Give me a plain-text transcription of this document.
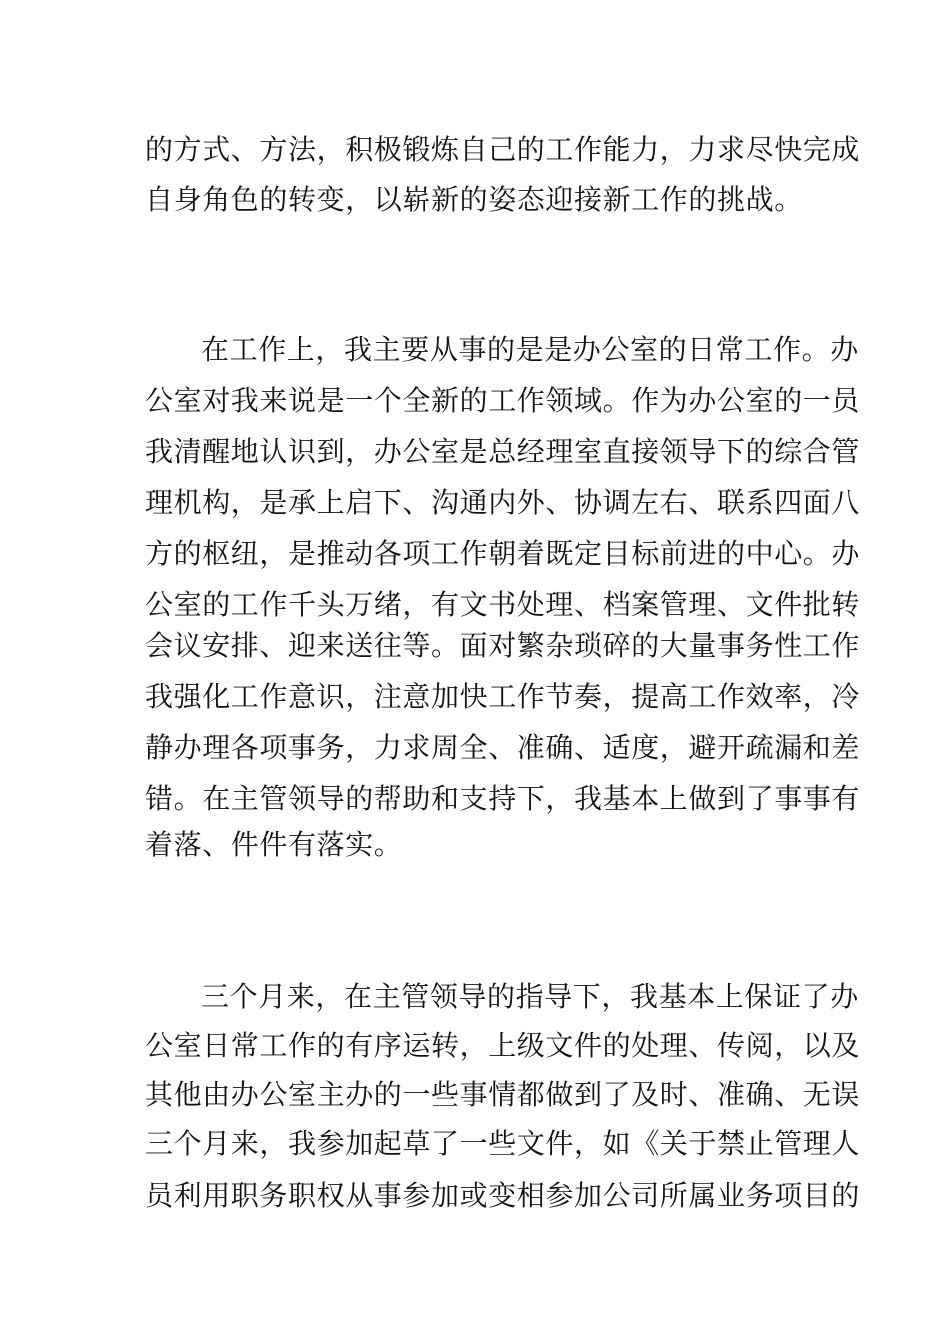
的方式、方法，积极锻炼自己的工作能力，力求尽快完成
自身角色的转变，以崭新的姿态迎接新工作的挑战。
在工作上，我主要从事的是是办公室的日常工作。办
公室对我来说是一个全新的工作领域。作为办公室的一员
我清醒地认识到，办公室是总经理室直接领导下的综合管
理机构，是承上启下、沟通内外、协调左右、联系四面八
方的枢纽，是推动各项工作朝着既定目标前进的中心。办
公室的工作千头万绪，有文书处理、档案管理、文件批转
会议安排、迎来送往等。面对繁杂琐碎的大量事务性工作
我强化工作意识，注意加快工作节奏，提高工作效率，冷
静办理各项事务，力求周全、准确、适度，避开疏漏和差
错。在主管领导的帮助和支持下，我基本上做到了事事有
着落、件件有落实。
三个月来，在主管领导的指导下，我基本上保证了办
公室日常工作的有序运转，上级文件的处理、传阅，以及
其他由办公室主办的一些事情都做到了及时、准确、无误
三个月来，我参加起草了一些文件，如《关于禁止管理人
员利用职务职权从事参加或变相参加公司所属业务项目的
